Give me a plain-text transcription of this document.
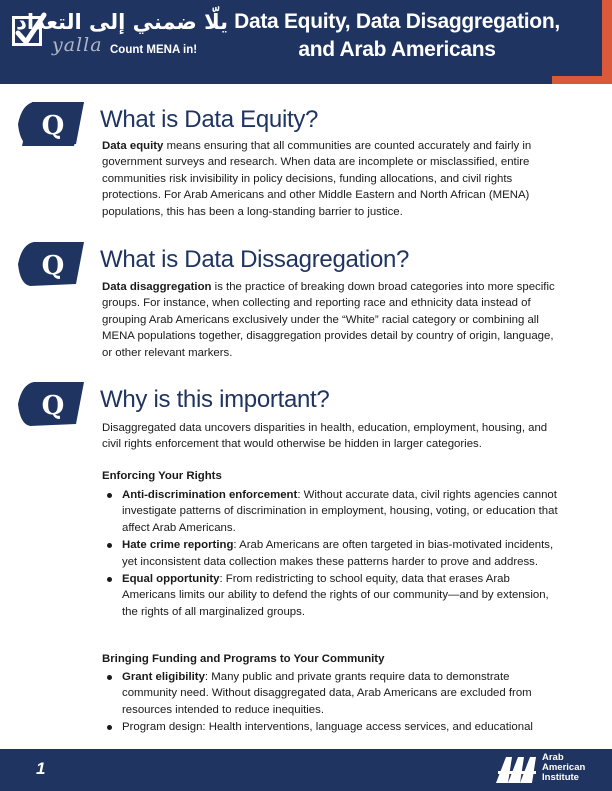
يلّا ضمني إلى التعداد
yalla Count MENA in!
Data Equity, Data Disaggregation,
and Arab Americans
Q What is Data Equity?
Data equity means ensuring that all communities are counted accurately and fairly in government surveys and research. When data are incomplete or misclassified, entire communities risk invisibility in policy decisions, funding allocations, and civil rights protections. For Arab Americans and other Middle Eastern and North African (MENA) populations, this has been a long-standing barrier to justice.
Q What is Data Dissagregation?
Data disaggregation is the practice of breaking down broad categories into more specific groups. For instance, when collecting and reporting race and ethnicity data instead of grouping Arab Americans exclusively under the “White” racial category or combining all MENA populations together, disaggregation provides detail by country of origin, language, or other relevant markers.
Q Why is this important?
Disaggregated data uncovers disparities in health, education, employment, housing, and civil rights enforcement that would otherwise be hidden in larger categories.
Enforcing Your Rights
Anti-discrimination enforcement: Without accurate data, civil rights agencies cannot investigate patterns of discrimination in employment, housing, voting, or education that affect Arab Americans.
Hate crime reporting: Arab Americans are often targeted in bias-motivated incidents, yet inconsistent data collection makes these patterns harder to prove and address.
Equal opportunity: From redistricting to school equity, data that erases Arab Americans limits our ability to defend the rights of our community—and by extension, the rights of all marginalized groups.
Bringing Funding and Programs to Your Community
Grant eligibility: Many public and private grants require data to demonstrate community need. Without disaggregated data, Arab Americans are excluded from resources intended to reduce inequities.
Program design: Health interventions, language access services, and educational
1
Arab
American
Institute
